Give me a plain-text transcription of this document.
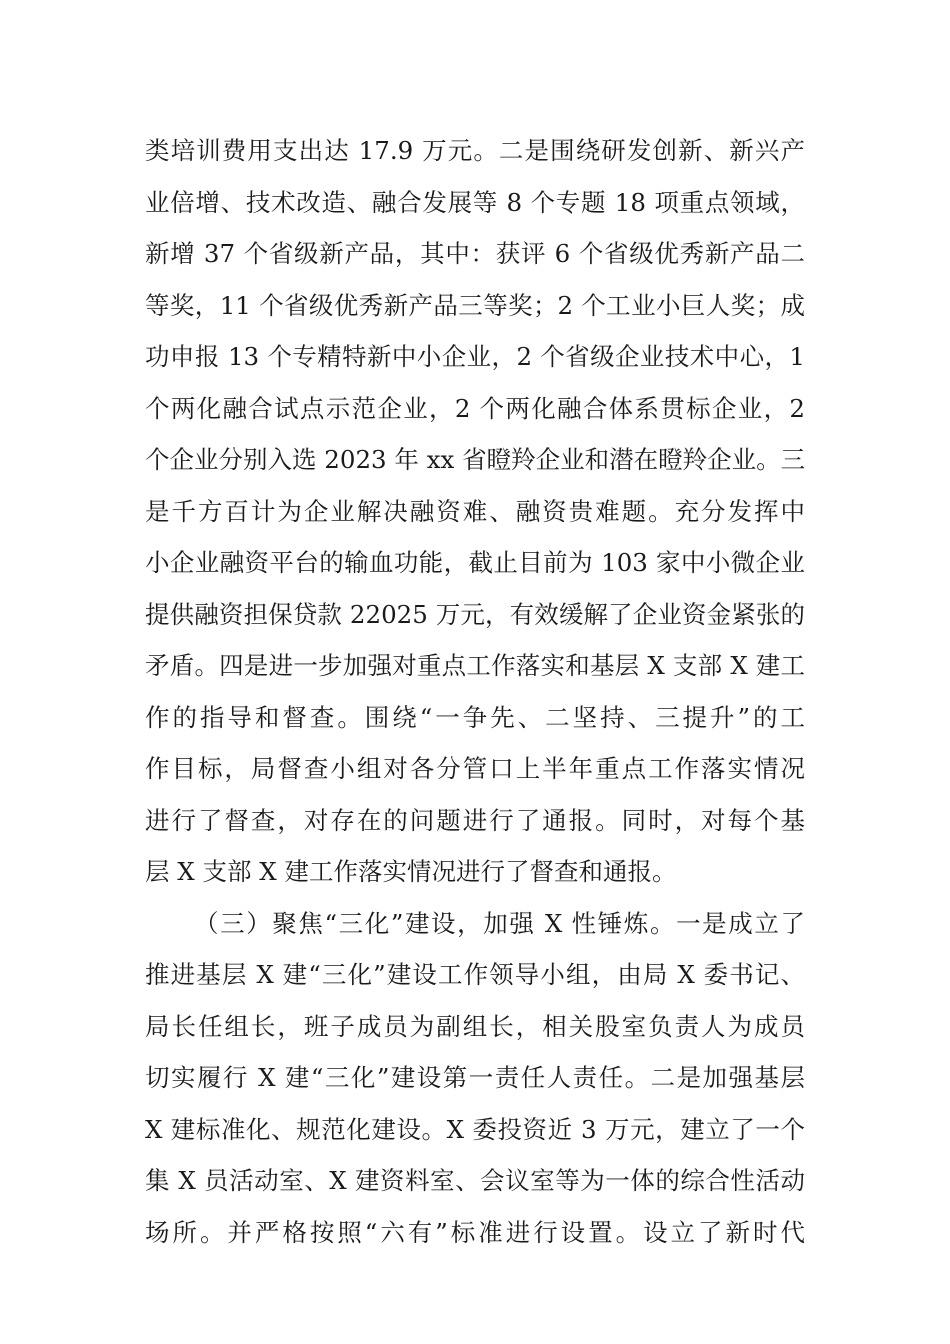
类培训费用支出达 17.9 万元。二是围绕研发创新、新兴产
业倍增、技术改造、融合发展等 8 个专题 18 项重点领域，
新增 37 个省级新产品，其中：获评 6 个省级优秀新产品二
等奖，11 个省级优秀新产品三等奖；2 个工业小巨人奖；成
功申报 13 个专精特新中小企业，2 个省级企业技术中心，1
个两化融合试点示范企业，2 个两化融合体系贯标企业，2
个企业分别入选 2023 年 xx 省瞪羚企业和潜在瞪羚企业。三
是千方百计为企业解决融资难、融资贵难题。充分发挥中
小企业融资平台的输血功能，截止目前为 103 家中小微企业
提供融资担保贷款 22025 万元，有效缓解了企业资金紧张的
矛盾。四是进一步加强对重点工作落实和基层 X 支部 X 建工
作的指导和督查。围绕“一争先、二坚持、三提升”的工
作目标，局督查小组对各分管口上半年重点工作落实情况
进行了督查，对存在的问题进行了通报。同时，对每个基
层 X 支部 X 建工作落实情况进行了督查和通报。
（三）聚焦“三化”建设，加强 X 性锤炼。一是成立了
推进基层 X 建“三化”建设工作领导小组，由局 X 委书记、
局长任组长，班子成员为副组长，相关股室负责人为成员
切实履行 X 建“三化”建设第一责任人责任。二是加强基层
X 建标准化、规范化建设。X 委投资近 3 万元，建立了一个
集 X 员活动室、X 建资料室、会议室等为一体的综合性活动
场所。并严格按照“六有”标准进行设置。设立了新时代
